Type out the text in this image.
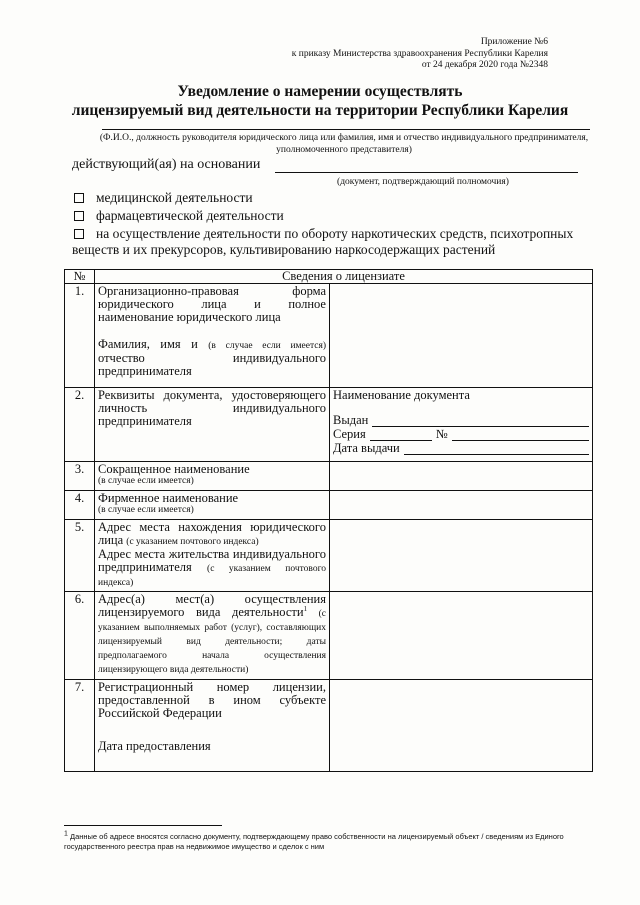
Приложение №6
к приказу Министерства здравоохранения Республики Карелия
от 24 декабря 2020 года №2348
Уведомление о намерении осуществлять
лицензируемый вид деятельности на территории Республики Карелия
(Ф.И.О., должность руководителя юридического лица или фамилия, имя и отчество индивидуального предпринимателя, уполномоченного представителя)
действующий(ая) на основании
(документ, подтверждающий полномочия)
медицинской деятельности
фармацевтической деятельности
на осуществление деятельности по обороту наркотических средств, психотропных веществ и их прекурсоров, культивированию наркосодержащих растений
№	Сведения о лицензиате	
1.	Организационно-правовая форма юридического лица и полное наименование юридического лица
Фамилия, имя и (в случае если имеется) отчество индивидуального предпринимателя	

2.	Реквизиты документа, удостоверяющего личность индивидуального предпринимателя	Наименование документа
Выдан
Серия №
Дата выдачи

3.	Сокращенное наименование
(в случае если имеется)	

4.	Фирменное наименование
(в случае если имеется)	

5.	Адрес места нахождения юридического лица (с указанием почтового индекса)
Адрес места жительства индивидуального предпринимателя (с указанием почтового индекса)	
6.	Адрес(а) мест(а) осуществления лицензируемого вида деятельности$^1$ (с указанием выполняемых работ (услуг), составляющих лицензируемый вид деятельности; даты предполагаемого начала осуществления лицензирующего вида деятельности)	
7.	Регистрационный номер лицензии, предоставленной в ином субъекте Российской Федерации
Дата предоставления	

$^1$ Данные об адресе вносятся согласно документу, подтверждающему право собственности на лицензируемый объект / сведениям из Единого государственного реестра прав на недвижимое имущество и сделок с ним
